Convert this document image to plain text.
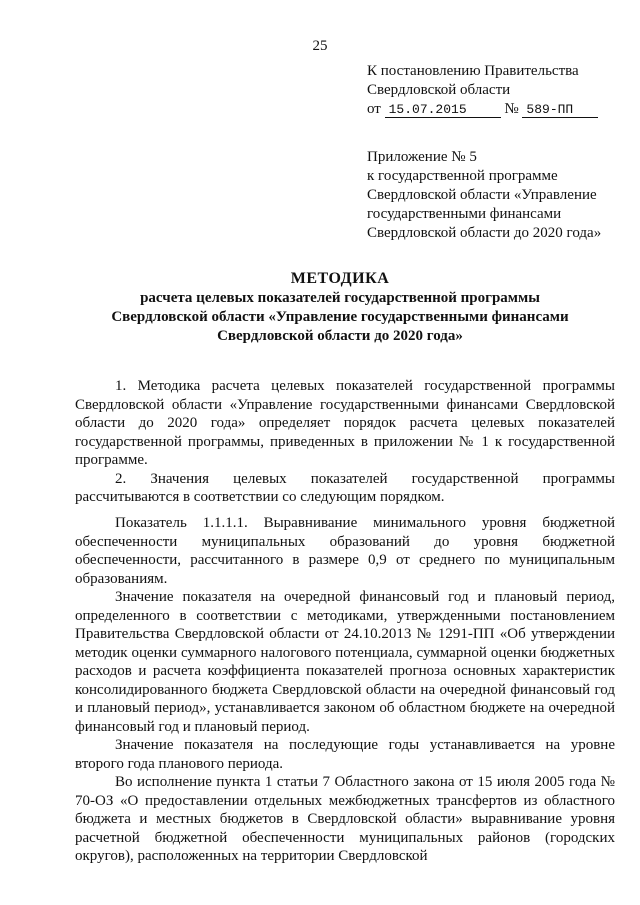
25
К постановлению Правительства
Свердловской области
от 15.07.2015	№ 589-ПП
Приложение № 5
к государственной программе
Свердловской области «Управление
государственными финансами
Свердловской области до 2020 года»
МЕТОДИКА
расчета целевых показателей государственной программы
Свердловской области «Управление государственными финансами
Свердловской области до 2020 года»

1. Методика расчета целевых показателей государственной программы Свердловской области «Управление государственными финансами Свердловской области до 2020 года» определяет порядок расчета целевых показателей государственной программы, приведенных в приложении № 1 к государственной программе.

2. Значения целевых показателей государственной программы рассчитываются в соответствии со следующим порядком.

Показатель 1.1.1.1. Выравнивание минимального уровня бюджетной обеспеченности муниципальных образований до уровня бюджетной обеспеченности, рассчитанного в размере 0,9 от среднего по муниципальным образованиям.

Значение показателя на очередной финансовый год и плановый период, определенного в соответствии с методиками, утвержденными постановлением Правительства Свердловской области от 24.10.2013 № 1291-ПП «Об утверждении методик оценки суммарного налогового потенциала, суммарной оценки бюджетных расходов и расчета коэффициента показателей прогноза основных характеристик консолидированного бюджета Свердловской области на очередной финансовый год и плановый период», устанавливается законом об областном бюджете на очередной финансовый год и плановый период.

Значение показателя на последующие годы устанавливается на уровне второго года планового периода.

Во исполнение пункта 1 статьи 7 Областного закона от 15 июля 2005 года № 70-ОЗ «О предоставлении отдельных межбюджетных трансфертов из областного бюджета и местных бюджетов в Свердловской области» выравнивание уровня расчетной бюджетной обеспеченности муниципальных районов (городских округов), расположенных на территории Свердловской
